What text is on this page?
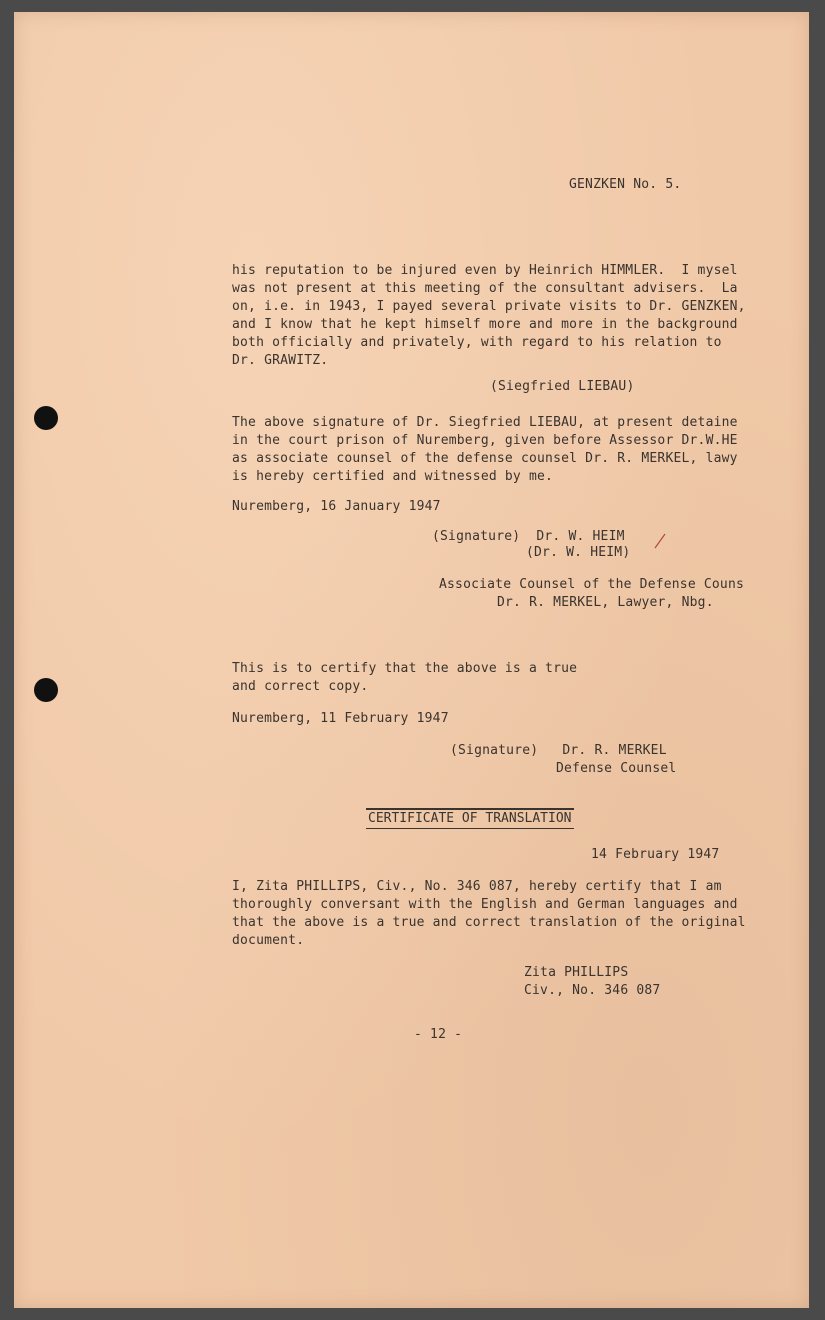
GENZKEN No. 5.
his reputation to be injured even by Heinrich HIMMLER.  I mysel
was not present at this meeting of the consultant advisers.  La
on, i.e. in 1943, I payed several private visits to Dr. GENZKEN,
and I know that he kept himself more and more in the background
both officially and privately, with regard to his relation to
Dr. GRAWITZ.
(Siegfried LIEBAU)
The above signature of Dr. Siegfried LIEBAU, at present detaine
in the court prison of Nuremberg, given before Assessor Dr.W.HE
as associate counsel of the defense counsel Dr. R. MERKEL, lawy
is hereby certified and witnessed by me.
Nuremberg, 16 January 1947
(Signature)  Dr. W. HEIM
(Dr. W. HEIM)
Associate Counsel of the Defense Couns
Dr. R. MERKEL, Lawyer, Nbg.
This is to certify that the above is a true
and correct copy.
Nuremberg, 11 February 1947
(Signature)   Dr. R. MERKEL
Defense Counsel
CERTIFICATE OF TRANSLATION
14 February 1947
I, Zita PHILLIPS, Civ., No. 346 087, hereby certify that I am
thoroughly conversant with the English and German languages and
that the above is a true and correct translation of the original
document.
Zita PHILLIPS
Civ., No. 346 087
- 12 -
